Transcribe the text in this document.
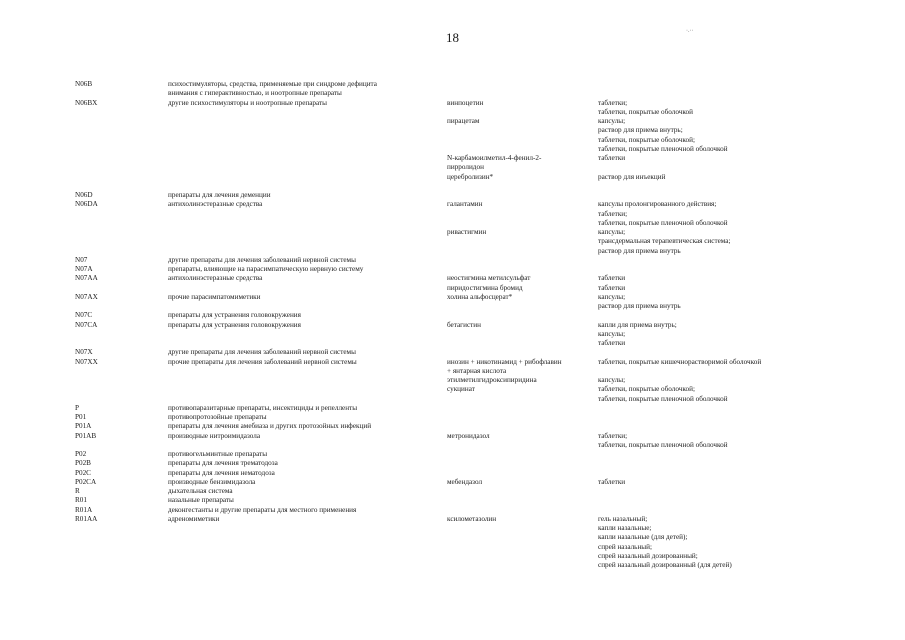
18	·.··
N06B	психостимуляторы, средства, применяемые при синдроме дефицита
внимания с гиперактивностью, и ноотропные препараты
N06BX	другие психостимуляторы и ноотропные препараты	винпоцетин	таблетки;
таблетки, покрытые оболочкой
пирацетам	капсулы;
раствор для приема внутрь;
таблетки, покрытые оболочкой;
таблетки, покрытые пленочной оболочкой
N-карбамоилметил-4-фенил-2-	таблетки
пирролидон
церебролизин*	раствор для инъекций
N06D	препараты для лечения деменции
N06DA	антихолинэстеразные средства	галантамин	капсулы пролонгированного действия;
таблетки;
таблетки, покрытые пленочной оболочкой
ривастигмин	капсулы;
трансдермальная терапевтическая система;
раствор для приема внутрь
N07	другие препараты для лечения заболеваний нервной системы
N07A	препараты, влияющие на парасимпатическую нервную систему
N07AA	антихолинэстеразные средства	неостигмина метилсульфат	таблетки
пиридостигмина бромид	таблетки
N07AX	прочие парасимпатомиметики	холина альфосцерат*	капсулы;
раствор для приема внутрь
N07C	препараты для устранения головокружения
N07CA	препараты для устранения головокружения	бетагистин	капли для приема внутрь;
капсулы;
таблетки
N07X	другие препараты для лечения заболеваний нервной системы
N07XX	прочие препараты для лечения заболеваний нервной системы	инозин + никотинамид + рибофлавин	таблетки, покрытые кишечнорастворимой оболочкой
+ янтарная кислота
этилметилгидроксипиридина	капсулы;
сукцинат	таблетки, покрытые оболочкой;
таблетки, покрытые пленочной оболочкой
P	противопаразитарные препараты, инсектициды и репелленты
P01	противопротозойные препараты
P01A	препараты для лечения амебиаза и других протозойных инфекций
P01AB	производные нитроимидазола	метронидазол	таблетки;
таблетки, покрытые пленочной оболочкой
P02	противогельминтные препараты
P02B	препараты для лечения трематодоза
P02C	препараты для лечения нематодоза
P02CA	производные бензимидазола	мебендазол	таблетки
R	дыхательная система
R01	назальные препараты
R01A	деконгестанты и другие препараты для местного применения
R01AA	адреномиметики	ксилометазолин	гель назальный;
капли назальные;
капли назальные (для детей);
спрей назальный;
спрей назальный дозированный;
спрей назальный дозированный (для детей)
